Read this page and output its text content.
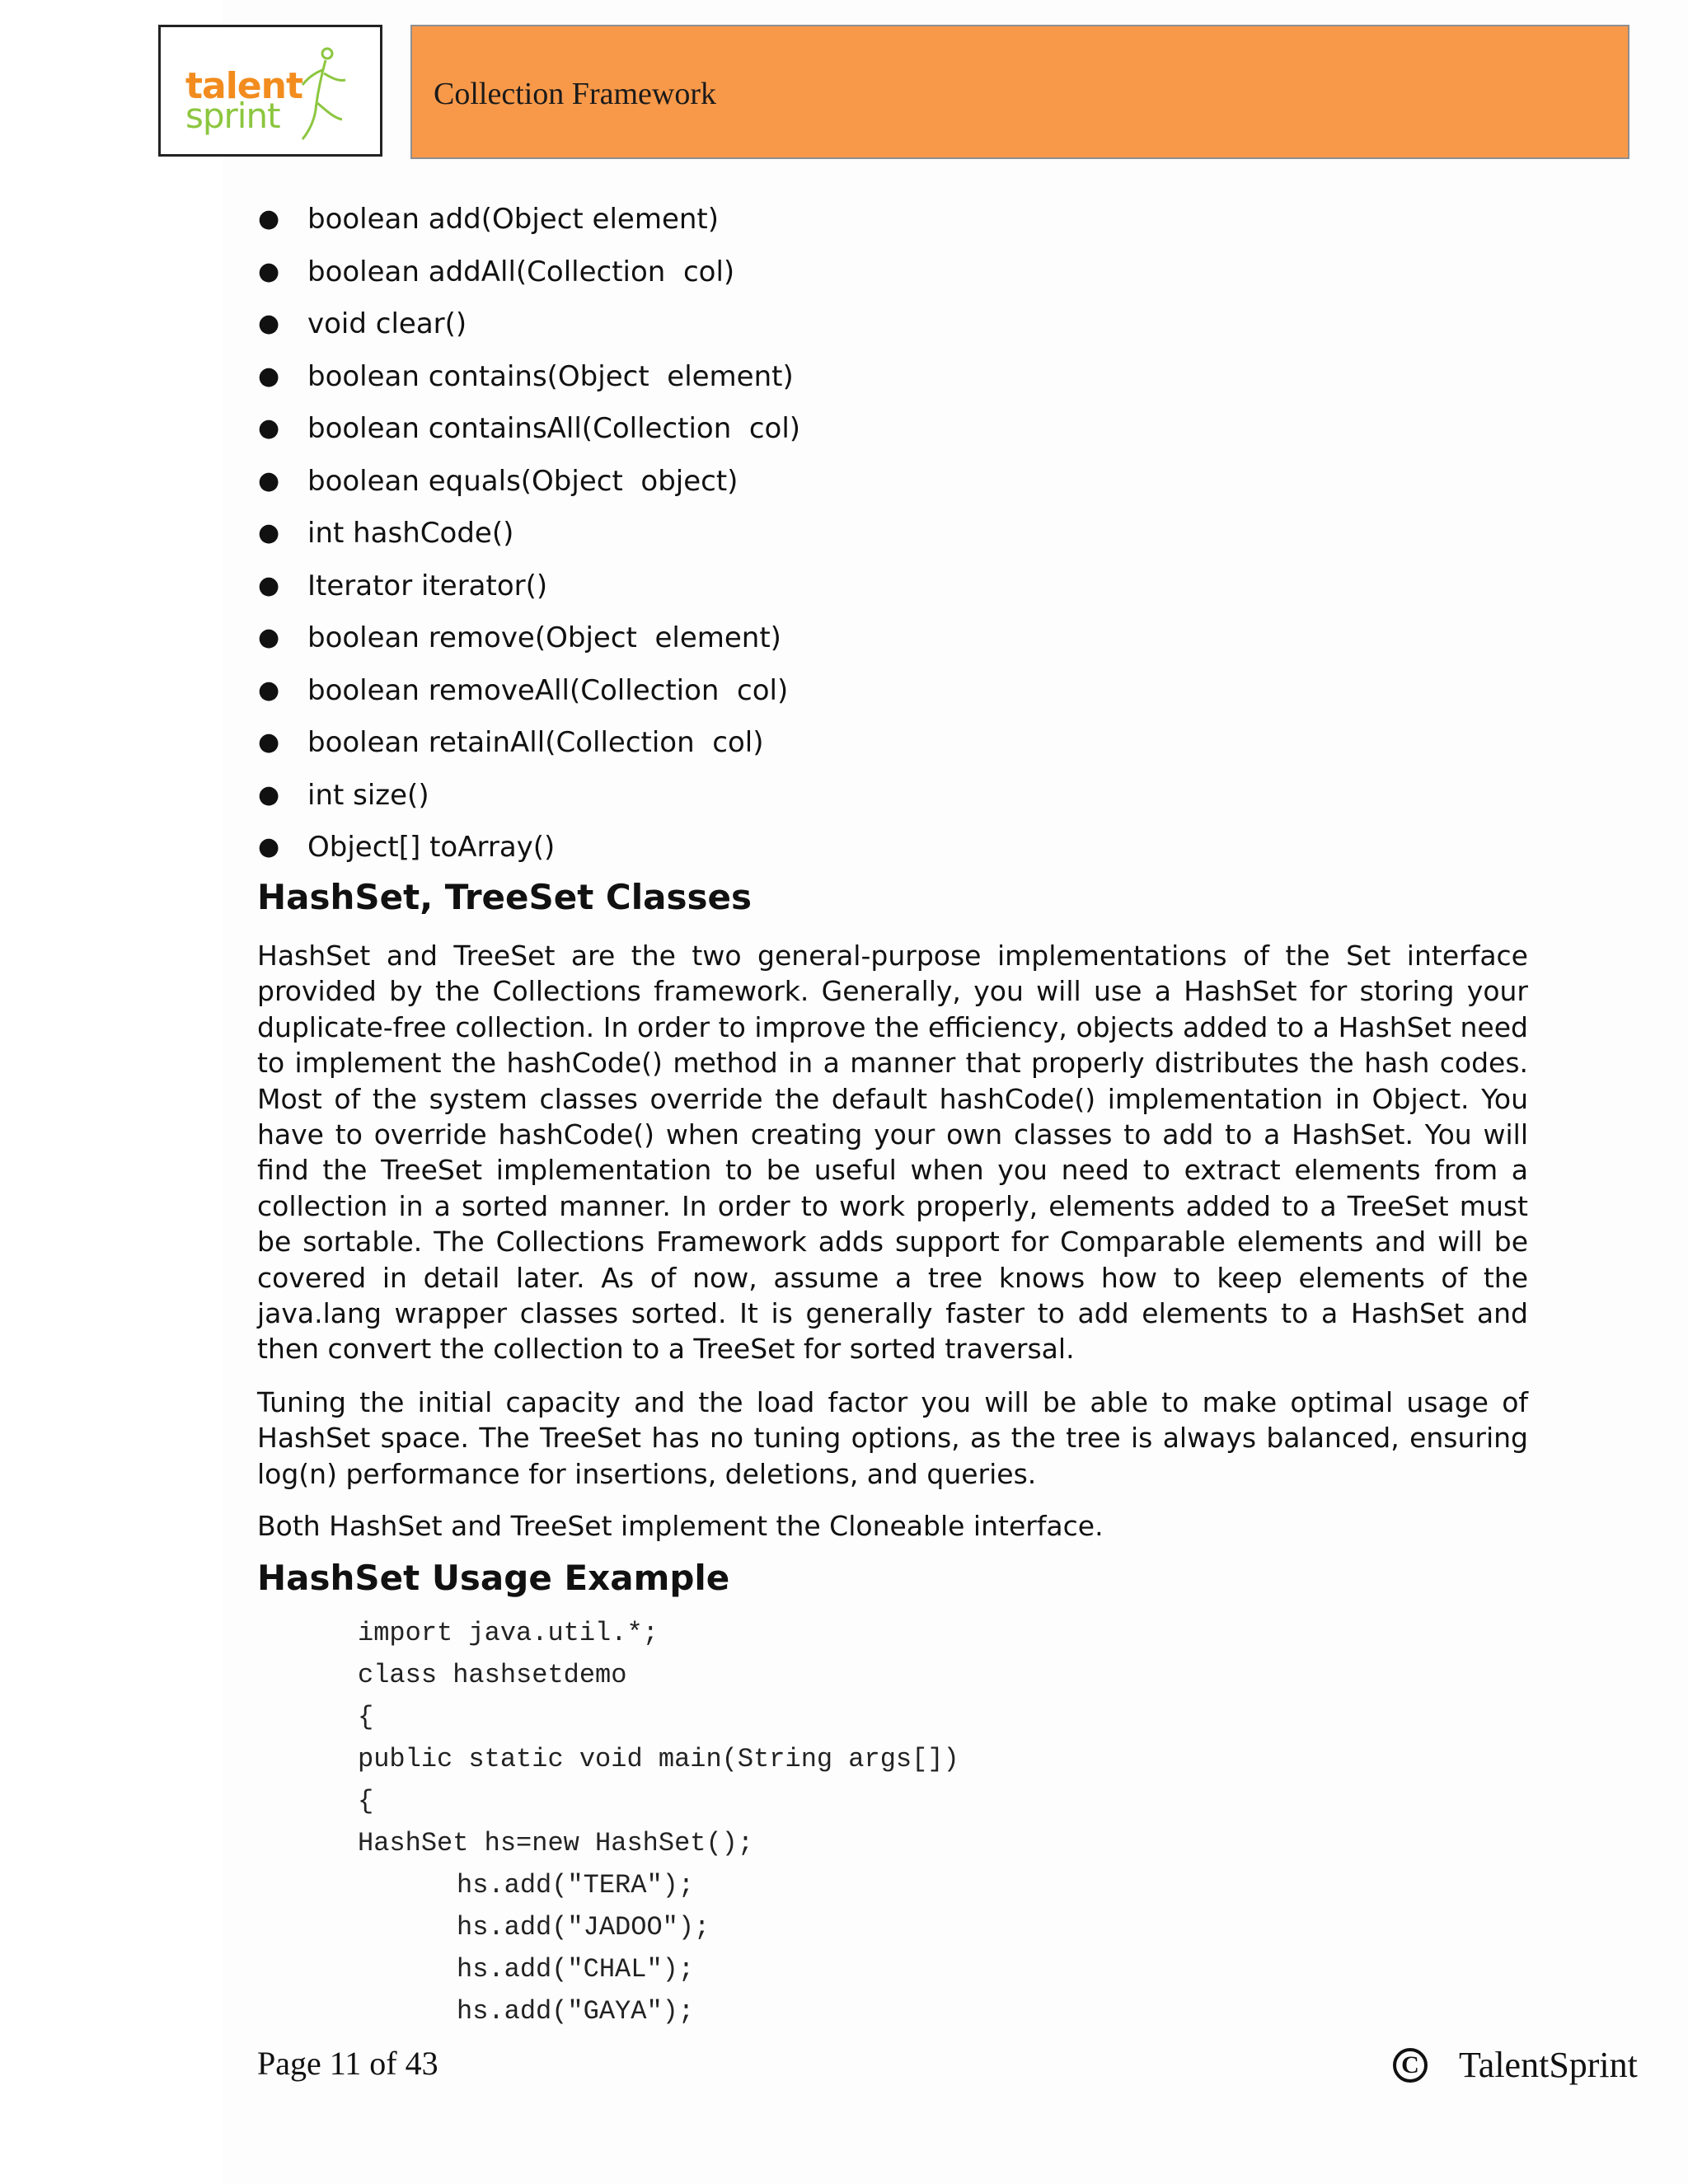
talent
sprint
Collection Framework
● boolean add(Object element)
● boolean addAll(Collection  col)
● void clear()
● boolean contains(Object  element)
● boolean containsAll(Collection  col)
● boolean equals(Object  object)
● int hashCode()
● Iterator iterator()
● boolean remove(Object  element)
● boolean removeAll(Collection  col)
● boolean retainAll(Collection  col)
● int size()
● Object[] toArray()
HashSet, TreeSet Classes

HashSet and TreeSet are the two general-purpose implementations of the Set interface provided by the Collections framework. Generally, you will use a HashSet for storing your duplicate-free collection. In order to improve the efficiency, objects added to a HashSet need to implement the hashCode() method in a manner that properly distributes the hash codes. Most of the system classes override the default hashCode() implementation in Object. You have to override hashCode() when creating your own classes to add to a HashSet. You will find the TreeSet implementation to be useful when you need to extract elements from a collection in a sorted manner. In order to work properly, elements added to a TreeSet must be sortable. The Collections Framework adds support for Comparable elements and will be covered in detail later. As of now, assume a tree knows how to keep elements of the java.lang wrapper classes sorted. It is generally faster to add elements to a HashSet and then convert the collection to a TreeSet for sorted traversal.

Tuning the initial capacity and the load factor you will be able to make optimal usage of HashSet space. The TreeSet has no tuning options, as the tree is always balanced, ensuring log(n) performance for insertions, deletions, and queries.

Both HashSet and TreeSet implement the Cloneable interface.

HashSet Usage Example
import java.util.*;
class hashsetdemo
{
public static void main(String args[])
{
HashSet hs=new HashSet();
hs.add("TERA");
hs.add("JADOO");
hs.add("CHAL");
hs.add("GAYA");
Page 11 of 43	C TalentSprint
